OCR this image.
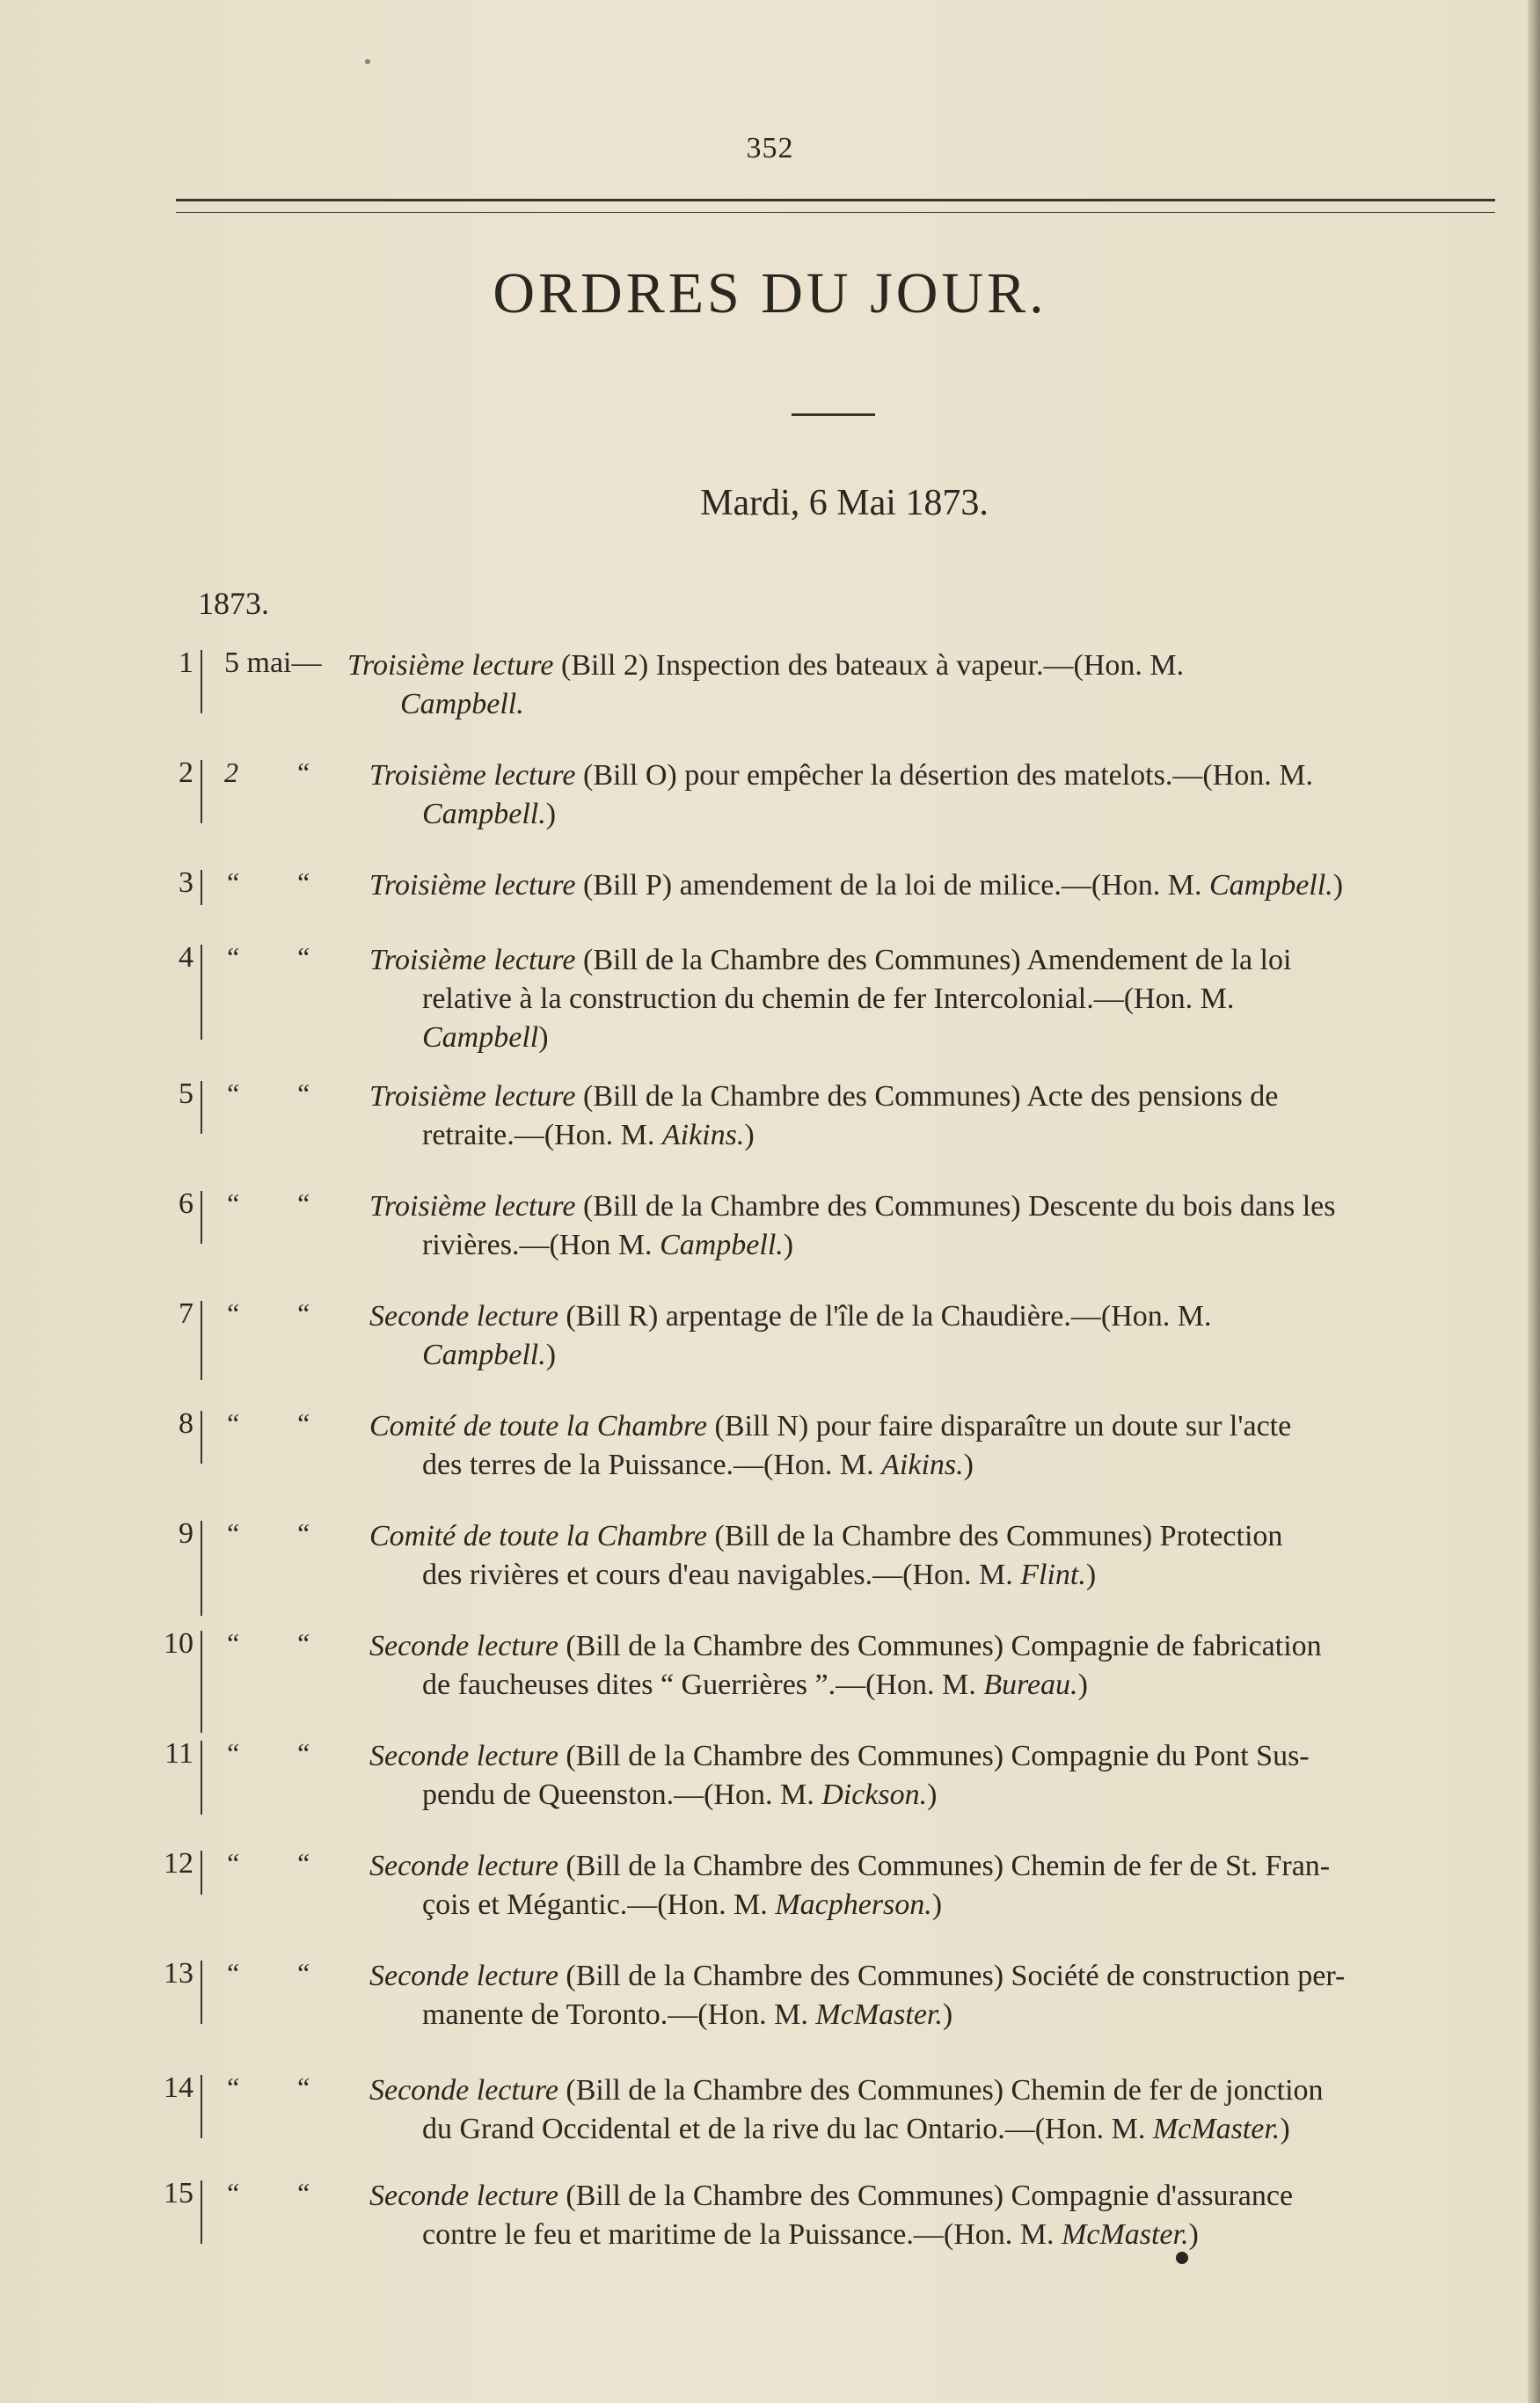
352
ORDRES DU JOUR.
Mardi, 6 Mai 1873.
1873.
1 5 mai— Troisième lecture (Bill 2) Inspection des bateaux à vapeur.—(Hon. M.
Campbell.
2 2 “ Troisième lecture (Bill O) pour empêcher la désertion des matelots.—(Hon. M.
Campbell.)
3 “ “ Troisième lecture (Bill P) amendement de la loi de milice.—(Hon. M. Campbell.)
4 “ “ Troisième lecture (Bill de la Chambre des Communes) Amendement de la loi
relative à la construction du chemin de fer Intercolonial.—(Hon. M.
Campbell)
5 “ “ Troisième lecture (Bill de la Chambre des Communes) Acte des pensions de
retraite.—(Hon. M. Aikins.)
6 “ “ Troisième lecture (Bill de la Chambre des Communes) Descente du bois dans les
rivières.—(Hon M. Campbell.)
7 “ “ Seconde lecture (Bill R) arpentage de l'île de la Chaudière.—(Hon. M.
Campbell.)
8 “ “ Comité de toute la Chambre (Bill N) pour faire disparaître un doute sur l'acte
des terres de la Puissance.—(Hon. M. Aikins.)
9 “ “ Comité de toute la Chambre (Bill de la Chambre des Communes) Protection
des rivières et cours d'eau navigables.—(Hon. M. Flint.)
10 “ “ Seconde lecture (Bill de la Chambre des Communes) Compagnie de fabrication
de faucheuses dites “ Guerrières ”.—(Hon. M. Bureau.)
11 “ “ Seconde lecture (Bill de la Chambre des Communes) Compagnie du Pont Sus-
pendu de Queenston.—(Hon. M. Dickson.)
12 “ “ Seconde lecture (Bill de la Chambre des Communes) Chemin de fer de St. Fran-
çois et Mégantic.—(Hon. M. Macpherson.)
13 “ “ Seconde lecture (Bill de la Chambre des Communes) Société de construction per-
manente de Toronto.—(Hon. M. McMaster.)
14 “ “ Seconde lecture (Bill de la Chambre des Communes) Chemin de fer de jonction
du Grand Occidental et de la rive du lac Ontario.—(Hon. M. McMaster.)
15 “ “ Seconde lecture (Bill de la Chambre des Communes) Compagnie d'assurance
contre le feu et maritime de la Puissance.—(Hon. M. McMaster.)
